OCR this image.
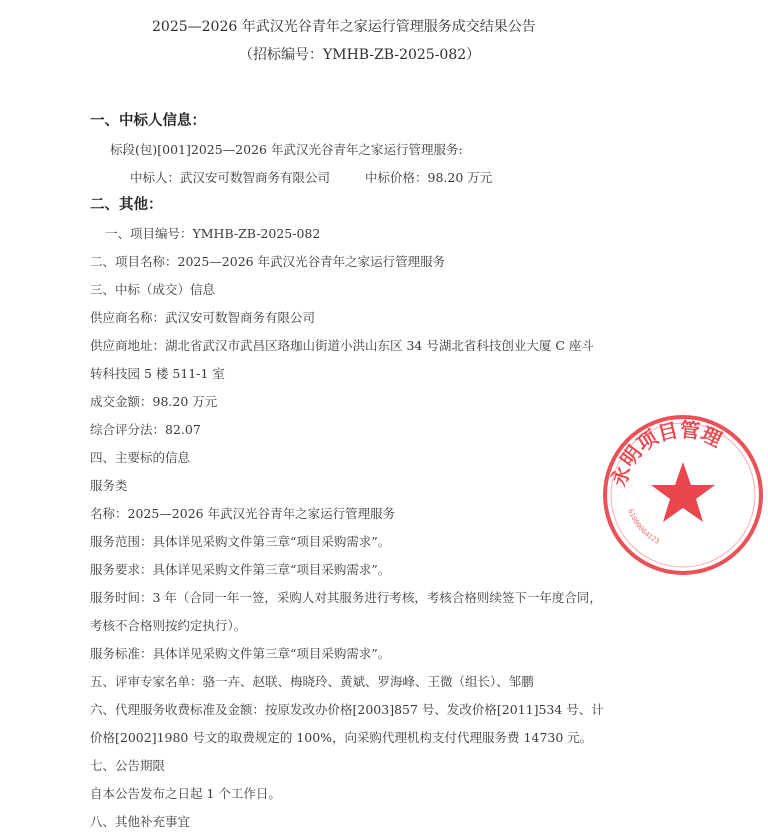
2025—2026 年武汉光谷青年之家运行管理服务成交结果公告
（招标编号：YMHB-ZB-2025-082）
一、中标人信息：
标段(包)[001]2025—2026 年武汉光谷青年之家运行管理服务:
中标人：武汉安可数智商务有限公司	中标价格：98.20 万元
二、其他：
一、项目编号：YMHB-ZB-2025-082
二、项目名称：2025—2026 年武汉光谷青年之家运行管理服务
三、中标（成交）信息
供应商名称：武汉安可数智商务有限公司
供应商地址：湖北省武汉市武昌区珞珈山街道小洪山东区 34 号湖北省科技创业大厦 C 座斗
转科技园 5 楼 511-1 室
成交金额：98.20 万元
综合评分法：82.07
四、主要标的信息
服务类
名称：2025—2026 年武汉光谷青年之家运行管理服务
服务范围：具体详见采购文件第三章“项目采购需求”。
服务要求：具体详见采购文件第三章“项目采购需求”。
服务时间：3 年（合同一年一签，采购人对其服务进行考核，考核合格则续签下一年度合同，
考核不合格则按约定执行）。
服务标准：具体详见采购文件第三章“项目采购需求”。
五、评审专家名单：骆一卉、赵联、梅晓玲、黄斌、罗海峰、王微（组长）、邹鹏
六、代理服务收费标准及金额：按原发改办价格[2003]857 号、发改价格[2011]534 号、计
价格[2002]1980 号文的取费规定的 100%，向采购代理机构支付代理服务费 14730 元。
七、公告期限
自本公告发布之日起 1 个工作日。
八、其他补充事宜
永明项目管理
61000064123
